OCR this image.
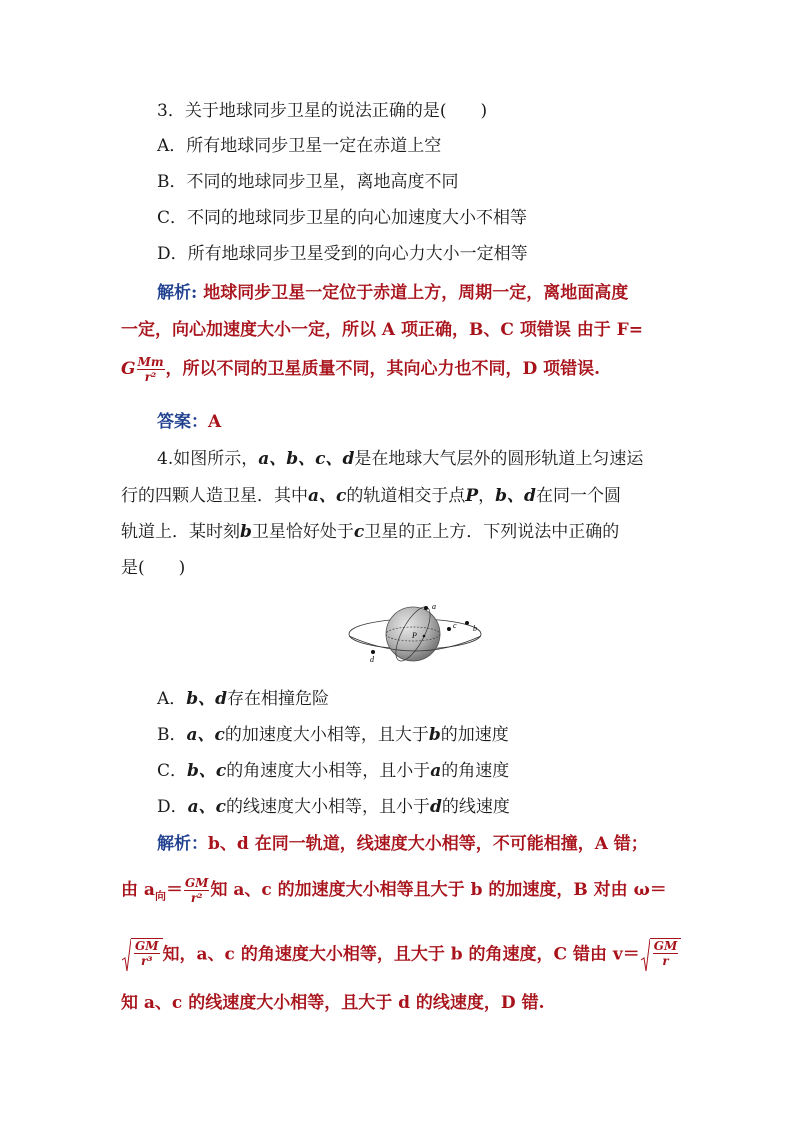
3．关于地球同步卫星的说法正确的是(　　)
A．所有地球同步卫星一定在赤道上空
B．不同的地球同步卫星，离地高度不同
C．不同的地球同步卫星的向心加速度大小不相等
D．所有地球同步卫星受到的向心力大小一定相等
解析: 地球同步卫星一定位于赤道上方，周期一定，离地面高度
一定，向心加速度大小一定，所以 A 项正确，B、C 项错误 由于 F=
G $\frac{Mm}{\text{r²}}$ ，所以不同的卫星质量不同，其向心力也不同，D 项错误.
答案：A
4.如图所示，a、b、c、d是在地球大气层外的圆形轨道上匀速运
行的四颗人造卫星．其中a、c的轨道相交于点P，b、d在同一个圆
轨道上．某时刻b卫星恰好处于c卫星的正上方．下列说法中正确的
是(　　)
a
b
c
d
P
A．b、d存在相撞危险
B．a、c的加速度大小相等，且大于b的加速度
C．b、c的角速度大小相等，且小于a的角速度
D．a、c的线速度大小相等，且小于d的线速度
解析：b、d 在同一轨道，线速度大小相等，不可能相撞，A 错；
由 $a_向= \frac{GM}{\text{r²}}$ 知 a、c 的加速度大小相等且大于 b 的加速度，B 对由 ω＝
$\frac{GM}{\text{r³}}$ 知，a、c 的角速度大小相等，且大于 b 的角速度，C 错由 $v= \frac{GM}{r}$
知 a、c 的线速度大小相等，且大于 d 的线速度，D 错.
